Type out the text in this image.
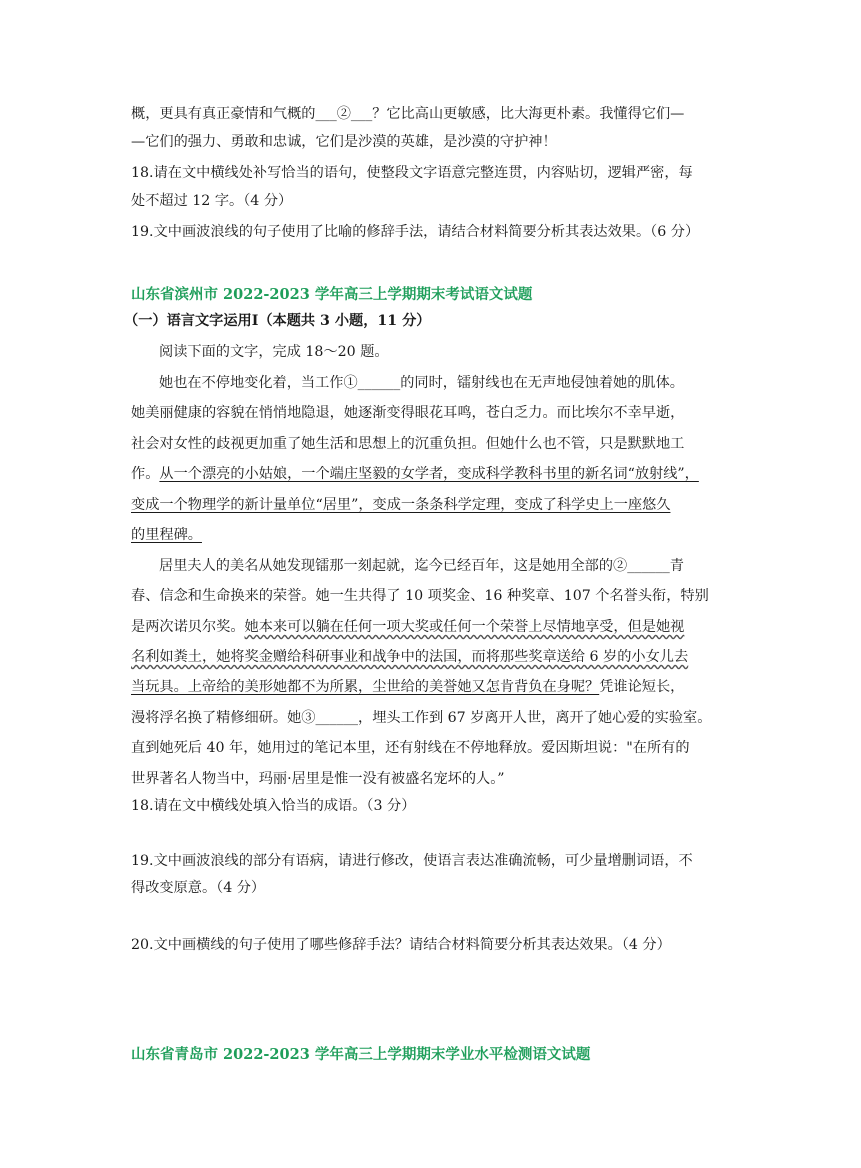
概，更具有真正豪情和气概的___②___？它比高山更敏感，比大海更朴素。我懂得它们—
—它们的强力、勇敢和忠诚，它们是沙漠的英雄，是沙漠的守护神！
18.请在文中横线处补写恰当的语句，使整段文字语意完整连贯，内容贴切，逻辑严密，每
处不超过 12 字。（4 分）
19.文中画波浪线的句子使用了比喻的修辞手法，请结合材料简要分析其表达效果。（6 分）
山东省滨州市 2022-2023 学年高三上学期期末考试语文试题
（一）语言文字运用Ⅰ（本题共 3 小题，11 分）
阅读下面的文字，完成 18～20 题。
她也在不停地变化着，当工作①______的同时，镭射线也在无声地侵蚀着她的肌体。
她美丽健康的容貌在悄悄地隐退，她逐渐变得眼花耳鸣，苍白乏力。而比埃尔不幸早逝，
社会对女性的歧视更加重了她生活和思想上的沉重负担。但她什么也不管，只是默默地工
作。从一个漂亮的小姑娘，一个端庄坚毅的女学者，变成科学教科书里的新名词“放射线”，
变成一个物理学的新计量单位“居里”，变成一条条科学定理，变成了科学史上一座悠久
的里程碑。
居里夫人的美名从她发现镭那一刻起就，迄今已经百年，这是她用全部的②______青
春、信念和生命换来的荣誉。她一生共得了 10 项奖金、16 种奖章、107 个名誉头衔，特别
是两次诺贝尔奖。她本来可以躺在任何一项大奖或任何一个荣誉上尽情地享受，但是她视
名利如粪土，她将奖金赠给科研事业和战争中的法国，而将那些奖章送给 6 岁的小女儿去
当玩具。上帝给的美形她都不为所累，尘世给的美誉她又怎肯背负在身呢？凭谁论短长，
漫将浮名换了精修细研。她③______，埋头工作到 67 岁离开人世，离开了她心爱的实验室。
直到她死后 40 年，她用过的笔记本里，还有射线在不停地释放。爱因斯坦说："在所有的
世界著名人物当中，玛丽·居里是惟一没有被盛名宠坏的人。”
18.请在文中横线处填入恰当的成语。（3 分）
19.文中画波浪线的部分有语病，请进行修改，使语言表达准确流畅，可少量增删词语，不
得改变原意。（4 分）
20.文中画横线的句子使用了哪些修辞手法？请结合材料简要分析其表达效果。（4 分）
山东省青岛市 2022-2023 学年高三上学期期末学业水平检测语文试题
